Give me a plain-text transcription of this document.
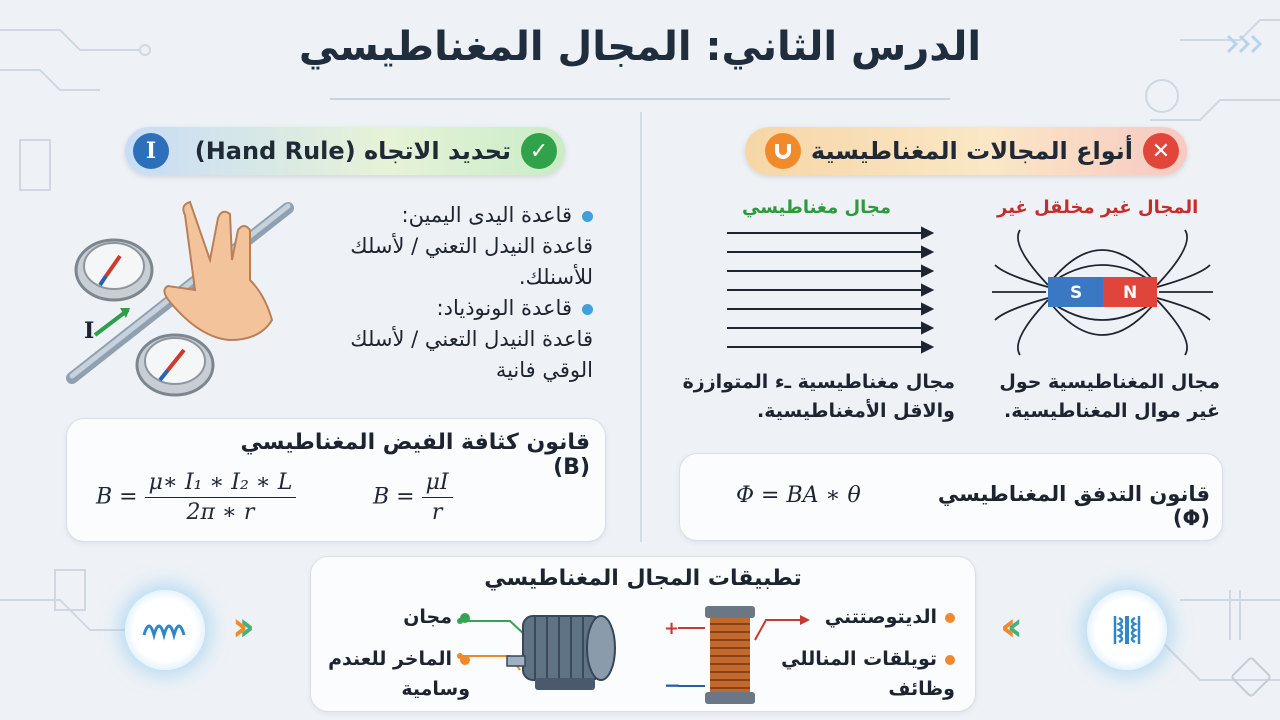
الدرس الثاني: المجال المغناطيسي
✓
تحديد الاتجاه (Hand Rule)
I	✕
أنواع المجالات المغناطيسية
I
قاعدة اليدى اليمين:
قاعدة النيدل التعني / لأسلك
للأسنلك.
قاعدة الونوذياد:
قاعدة النيدل التعني / لأسلك
الوقي فانية
مجال مغناطيسي	المجال غير مخلقل غير
S N
مجال مغناطيسية ـء المتواززة
والاقل الأمغناطيسية.
مجال المغناطيسية حول
غير موال المغناطيسية.
قانون كثافة الفيض المغناطيسي (B)
$B = \frac{\text{μ∗ I₁ ∗ I₂ ∗ L}}{2\pi ∗ r}$	$B = \frac{\mu I}{r}$	قانون التدفق المغناطيسي (Φ)
Φ = BA ∗ θ
تطبيقات المجال المغناطيسي
مجان
الماخر للعندم
وسامية
الديتوصتتني
تويلقات المناللي
وظائف
+
−
››	‹‹
